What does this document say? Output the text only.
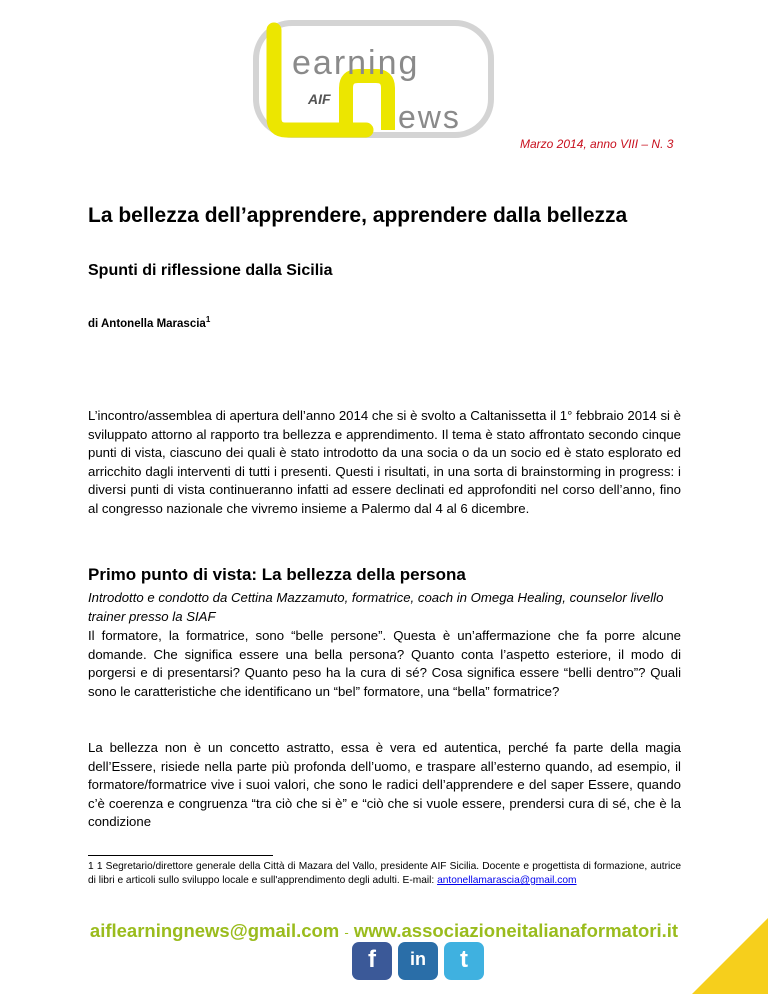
earning
ews
AIF
Marzo 2014, anno VIII – N. 3
La bellezza dell’apprendere, apprendere dalla bellezza
Spunti di riflessione dalla Sicilia
di Antonella Marascia$^1$
L’incontro/assemblea di apertura dell’anno 2014 che si è svolto a Caltanissetta il 1° febbraio 2014 si è sviluppato attorno al rapporto tra bellezza e apprendimento. Il tema è stato affrontato secondo cinque punti di vista, ciascuno dei quali è stato introdotto da una socia o da un socio ed è stato esplorato ed arricchito dagli interventi di tutti i presenti. Questi i risultati, in una sorta di brainstorming in progress: i diversi punti di vista continueranno infatti ad essere declinati ed approfonditi nel corso dell’anno, fino al congresso nazionale che vivremo insieme a Palermo dal 4 al 6 dicembre.
Primo punto di vista: La bellezza della persona
Introdotto e condotto da Cettina Mazzamuto, formatrice, coach in Omega Healing, counselor livello trainer presso la SIAF
Il formatore, la formatrice, sono “belle persone”. Questa è un’affermazione che fa porre alcune domande. Che significa essere una bella persona? Quanto conta l’aspetto esteriore, il modo di porgersi e di presentarsi? Quanto peso ha la cura di sé? Cosa significa essere “belli dentro”? Quali sono le caratteristiche che identificano un “bel” formatore, una “bella” formatrice?
La bellezza non è un concetto astratto, essa è vera ed autentica, perché fa parte della magia dell’Essere, risiede nella parte più profonda dell’uomo, e traspare all’esterno quando, ad esempio, il formatore/formatrice vive i suoi valori, che sono le radici dell’apprendere e del saper Essere, quando c’è coerenza e congruenza “tra ciò che si è” e “ciò che si vuole essere, prendersi cura di sé, che è la condizione
1 1 Segretario/direttore generale della Città di Mazara del Vallo, presidente AIF Sicilia. Docente e progettista di formazione, autrice di libri e articoli sullo sviluppo locale e sull'apprendimento degli adulti. E-mail: antonellamarascia@gmail.com
aiflearningnews@gmail.com - www.associazioneitalianaformatori.it
f	in	t
